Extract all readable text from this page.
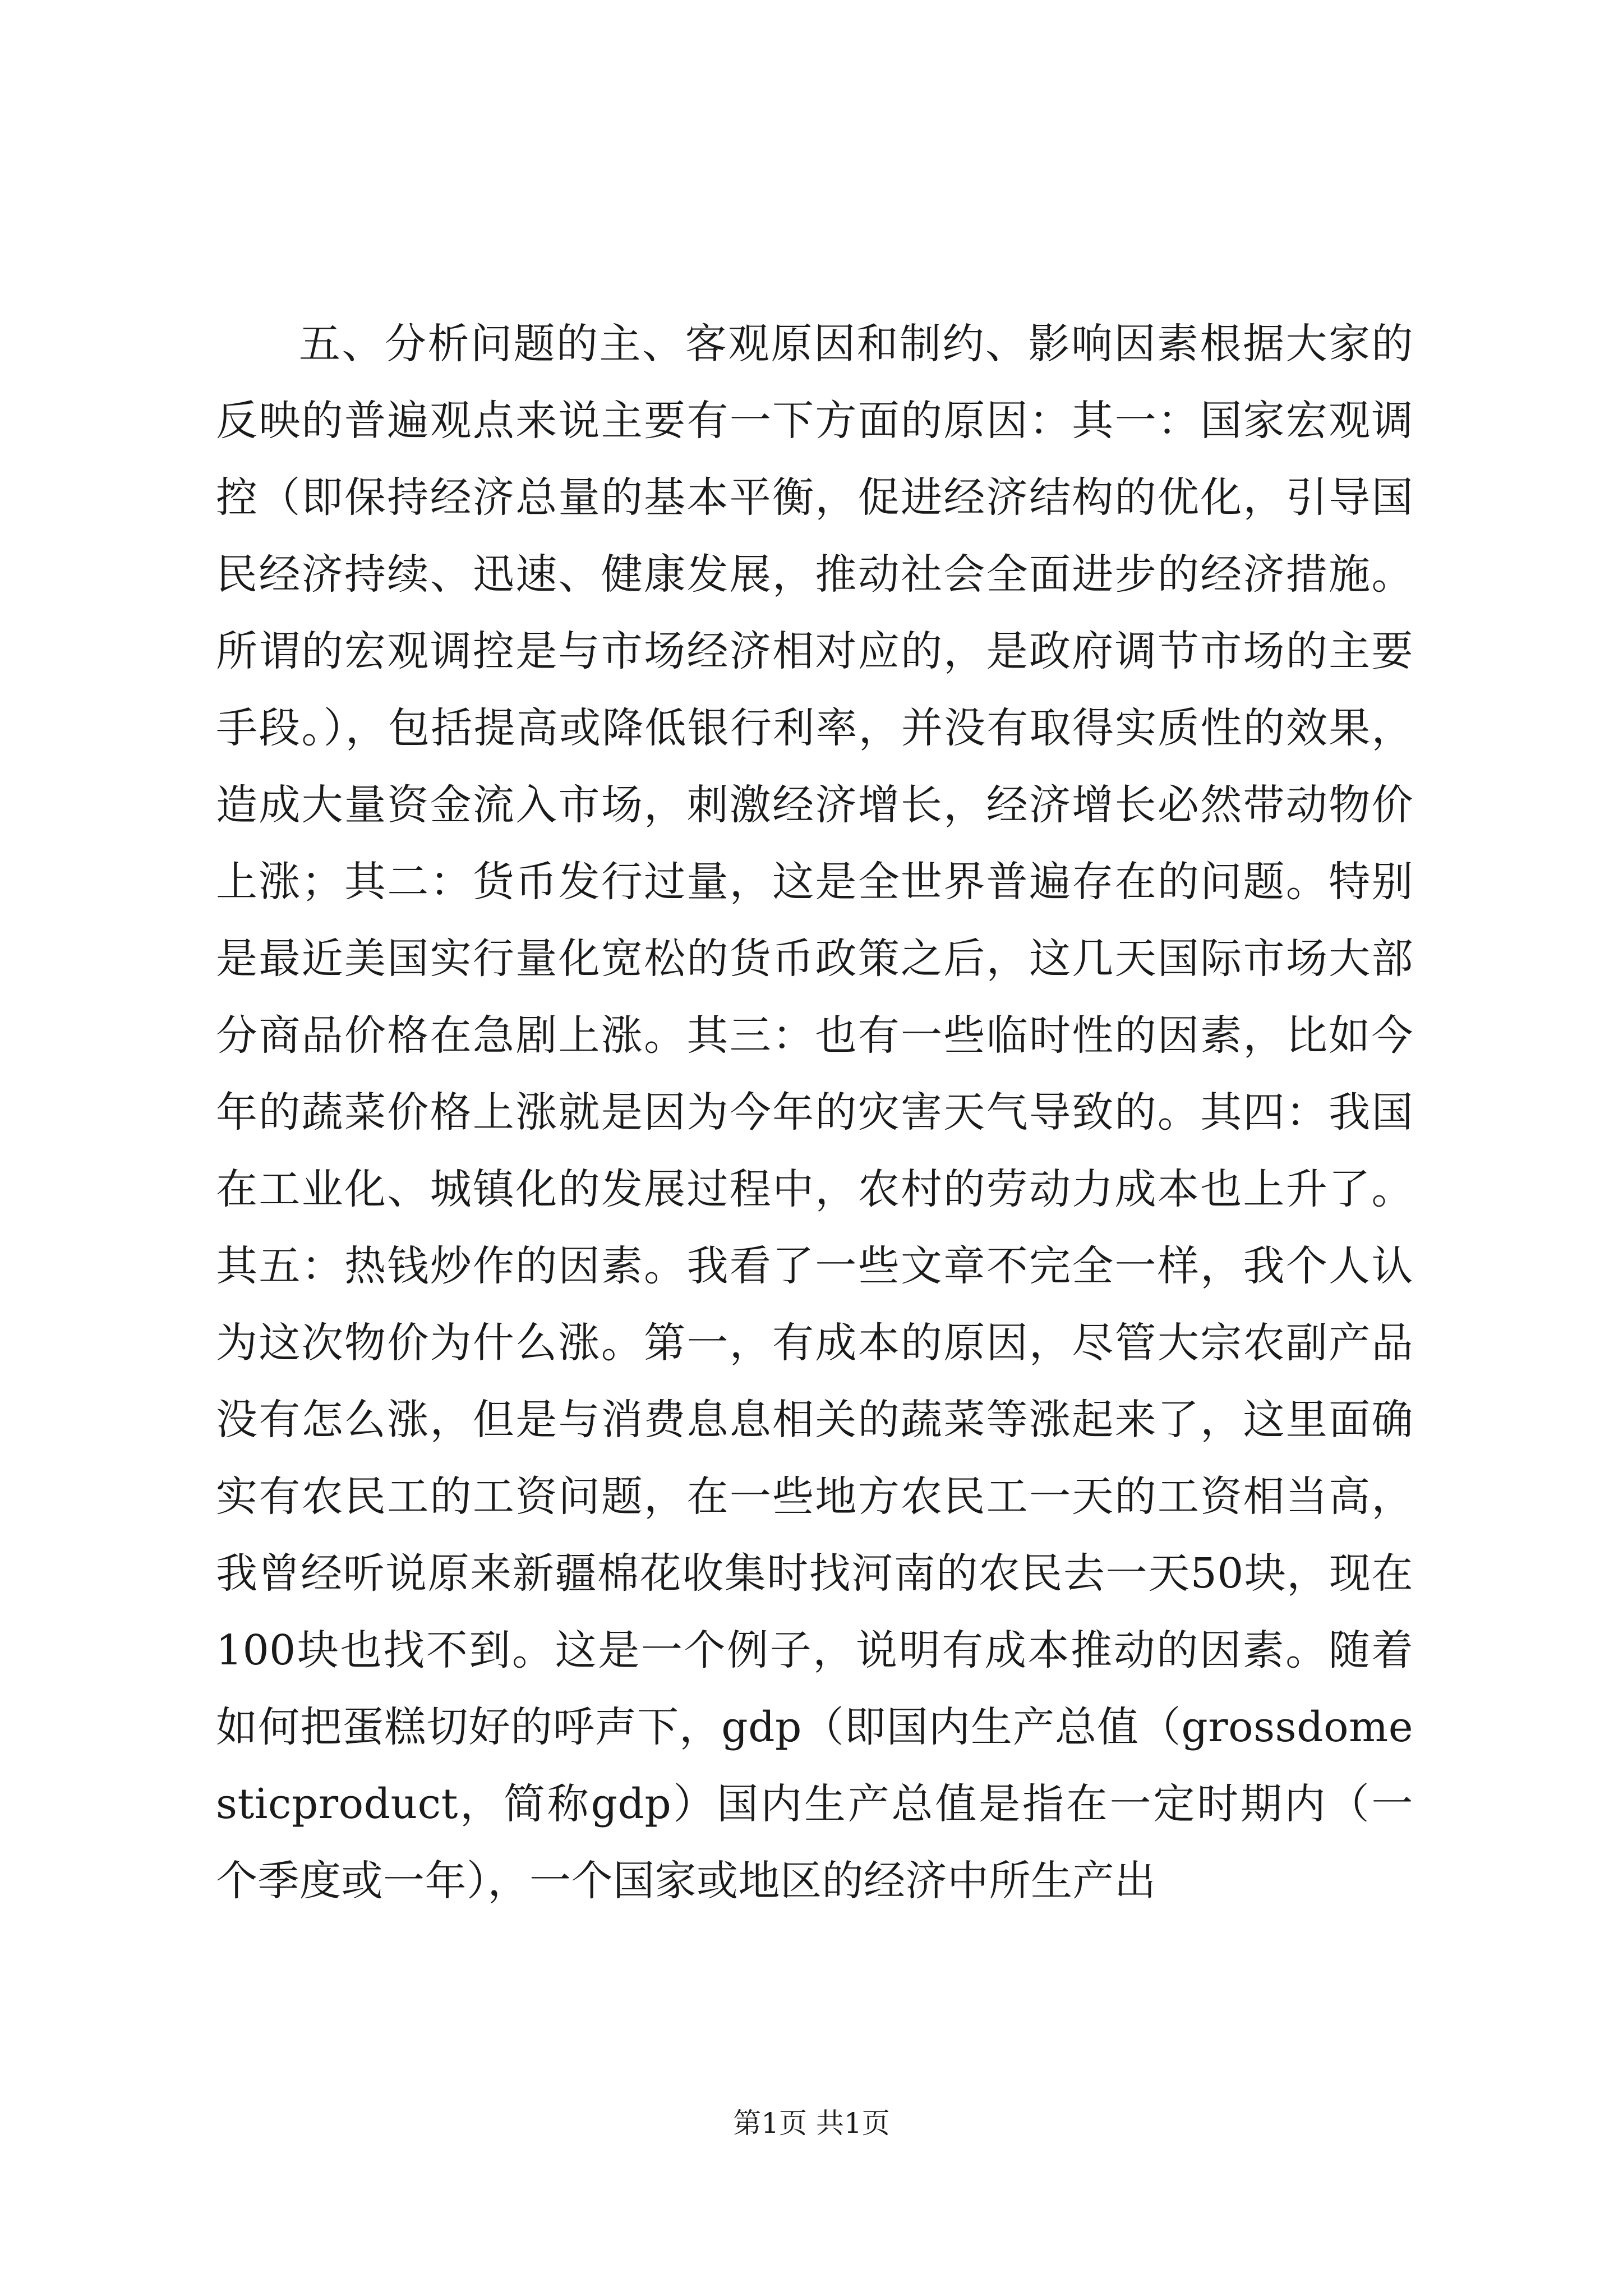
五、分析问题的主、客观原因和制约、影响因素根据大家的反映的普遍观点来说主要有一下方面的原因：其一：国家宏观调控（即保持经济总量的基本平衡，促进经济结构的优化，引导国民经济持续、迅速、健康发展，推动社会全面进步的经济措施。所谓的宏观调控是与市场经济相对应的，是政府调节市场的主要手段。），包括提高或降低银行利率，并没有取得实质性的效果，造成大量资金流入市场，刺激经济增长，经济增长必然带动物价上涨；其二：货币发行过量，这是全世界普遍存在的问题。特别是最近美国实行量化宽松的货币政策之后，这几天国际市场大部分商品价格在急剧上涨。其三：也有一些临时性的因素，比如今年的蔬菜价格上涨就是因为今年的灾害天气导致的。其四：我国在工业化、城镇化的发展过程中，农村的劳动力成本也上升了。其五：热钱炒作的因素。我看了一些文章不完全一样，我个人认为这次物价为什么涨。第一，有成本的原因，尽管大宗农副产品没有怎么涨，但是与消费息息相关的蔬菜等涨起来了，这里面确实有农民工的工资问题，在一些地方农民工一天的工资相当高，我曾经听说原来新疆棉花收集时找河南的农民去一天50块，现在100块也找不到。这是一个例子，说明有成本推动的因素。随着如何把蛋糕切好的呼声下，gdp（即国内生产总值（grossdomesticproduct，简称gdp）国内生产总值是指在一定时期内（一个季度或一年），一个国家或地区的经济中所生产出

第1页 共1页
